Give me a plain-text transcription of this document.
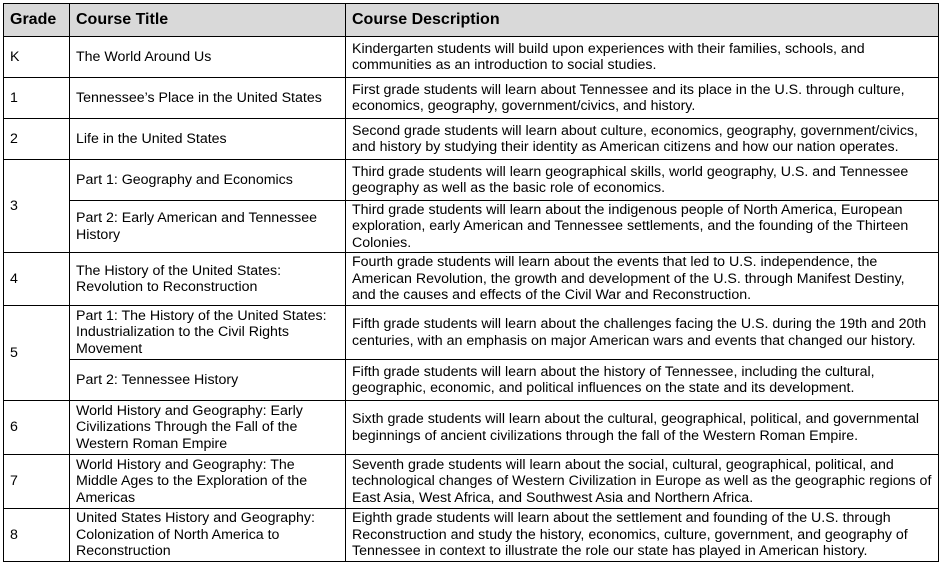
Grade	Course Title	Course Description
K	The World Around Us	Kindergarten students will build upon experiences with their families, schools, and communities as an introduction to social studies.
1	Tennessee’s Place in the United States	First grade students will learn about Tennessee and its place in the U.S. through culture, economics, geography, government/civics, and history.
2	Life in the United States	Second grade students will learn about culture, economics, geography, government/civics, and history by studying their identity as American citizens and how our nation operates.
3	Part 1: Geography and Economics	Third grade students will learn geographical skills, world geography, U.S. and Tennessee geography as well as the basic role of economics.
	Part 2: Early American and Tennessee History	Third grade students will learn about the indigenous people of North America, European exploration, early American and Tennessee settlements, and the founding of the Thirteen Colonies.
4	The History of the United States: Revolution to Reconstruction	Fourth grade students will learn about the events that led to U.S. independence, the American Revolution, the growth and development of the U.S. through Manifest Destiny, and the causes and effects of the Civil War and Reconstruction.
5	Part 1: The History of the United States: Industrialization to the Civil Rights Movement	Fifth grade students will learn about the challenges facing the U.S. during the 19th and 20th centuries, with an emphasis on major American wars and events that changed our history.
	Part 2: Tennessee History	Fifth grade students will learn about the history of Tennessee, including the cultural, geographic, economic, and political influences on the state and its development.
6	World History and Geography: Early Civilizations Through the Fall of the Western Roman Empire	Sixth grade students will learn about the cultural, geographical, political, and governmental beginnings of ancient civilizations through the fall of the Western Roman Empire.
7	World History and Geography: The Middle Ages to the Exploration of the Americas	Seventh grade students will learn about the social, cultural, geographical, political, and technological changes of Western Civilization in Europe as well as the geographic regions of East Asia, West Africa, and Southwest Asia and Northern Africa.
8	United States History and Geography: Colonization of North America to Reconstruction	Eighth grade students will learn about the settlement and founding of the U.S. through Reconstruction and study the history, economics, culture, government, and geography of Tennessee in context to illustrate the role our state has played in American history.
